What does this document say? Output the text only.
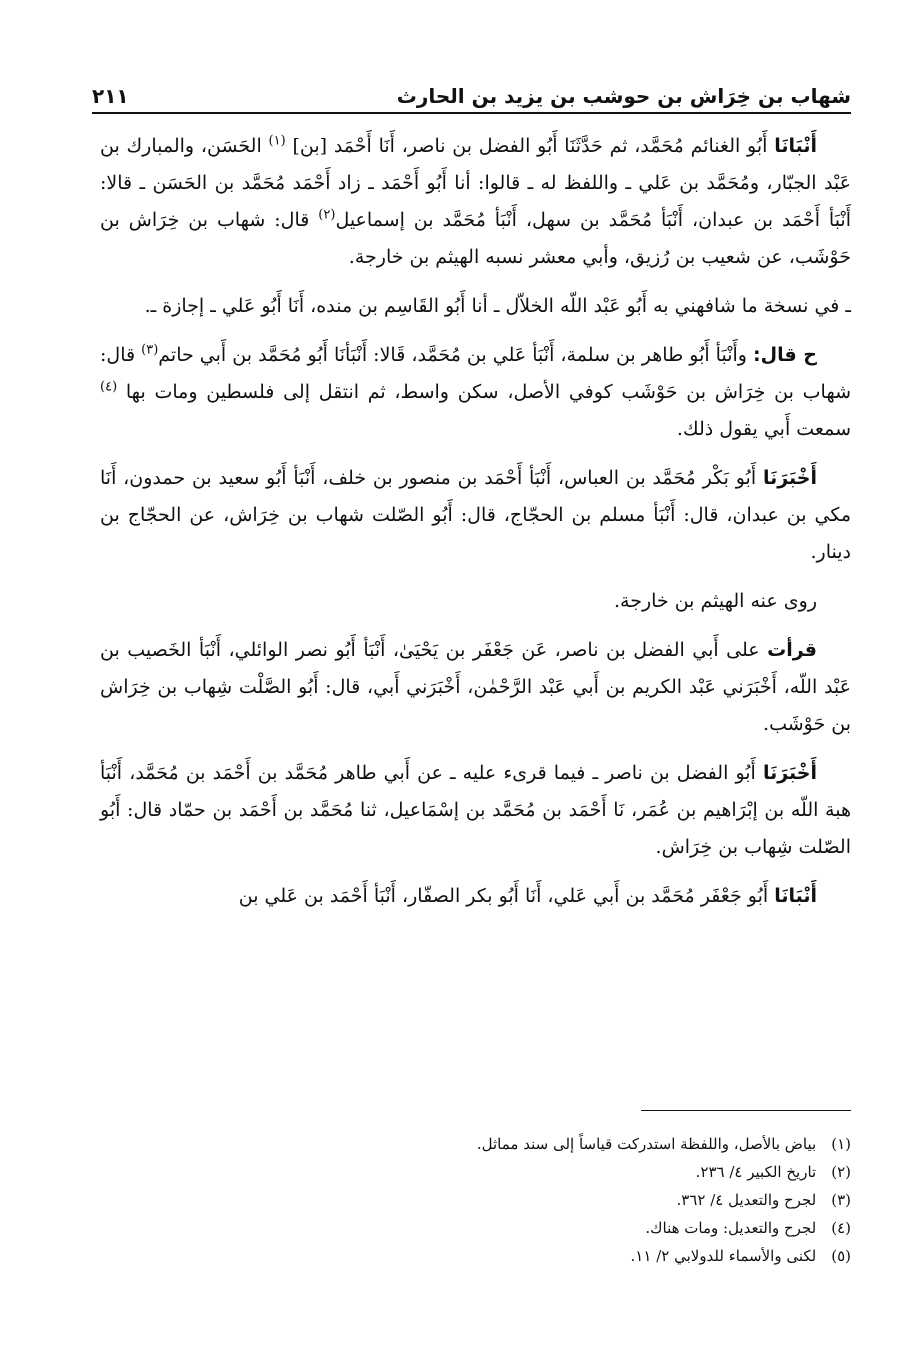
شهاب بن خِرَاش بن حوشب بن يزيد بن الحارث
٢١١

أَنْبَانَا أَبُو الغنائم مُحَمَّد، ثم حَدَّثَنَا أَبُو الفضل بن ناصر، أَنَا أَحْمَد [بن] $^{(١)}$ الحَسَن، والمبارك بن عَبْد الجبّار، ومُحَمَّد بن عَلي ـ واللفظ له ـ قالوا: أنا أَبُو أَحْمَد ـ زاد أَحْمَد مُحَمَّد بن الحَسَن ـ قالا: أَنْبَأ أَحْمَد بن عبدان، أَنْبَأ مُحَمَّد بن سهل، أَنْبَأ مُحَمَّد بن إسماعيل$^{(٢)}$ قال: شهاب بن خِرَاش بن حَوْشَب، عن شعيب بن رُزيق، وأبي معشر نسبه الهيثم بن خارجة.

ـ في نسخة ما شافهني به أَبُو عَبْد اللّه الخلاّل ـ أنا أَبُو القَاسِم بن منده، أَنَا أَبُو عَلي ـ إجازة ـ.

ح قال: وأَنْبَأ أَبُو طاهر بن سلمة، أَنْبَأ عَلي بن مُحَمَّد، قَالا: أَنْبَأنَا أَبُو مُحَمَّد بن أَبي حاتم$^{(٣)}$ قال: شهاب بن خِرَاش بن حَوْشَب كوفي الأصل، سكن واسط، ثم انتقل إلى فلسطين ومات بها $^{(٤)}$ سمعت أَبي يقول ذلك.

أَخْبَرَنَا أَبُو بَكْر مُحَمَّد بن العباس، أَنْبَأ أَحْمَد بن منصور بن خلف، أَنْبَأ أَبُو سعيد بن حمدون، أَنَا مكي بن عبدان، قال: أَنْبَأ مسلم بن الحجّاج، قال: أَبُو الصّلت شهاب بن خِرَاش، عن الحجّاج بن دينار.

روى عنه الهيثم بن خارجة.

قرأت على أَبي الفضل بن ناصر، عَن جَعْفَر بن يَحْيَىٰ، أَنْبَأ أَبُو نصر الوائلي، أَنْبَأ الخَصيب بن عَبْد اللّه، أَخْبَرَني عَبْد الكريم بن أَبي عَبْد الرَّحْمٰن، أَخْبَرَني أَبي، قال: أَبُو الصَّلْت شِهاب بن خِرَاش بن حَوْشَب.

أَخْبَرَنَا أَبُو الفضل بن ناصر ـ فيما قرىء عليه ـ عن أَبي طاهر مُحَمَّد بن أَحْمَد بن مُحَمَّد، أَنْبَأ هبة اللّه بن إبْرَاهيم بن عُمَر، نَا أَحْمَد بن مُحَمَّد بن إسْمَاعيل، ثنا مُحَمَّد بن أَحْمَد بن حمّاد قال: أَبُو الصّلت شِهاب بن خِرَاش.

أَنْبَانَا أَبُو جَعْفَر مُحَمَّد بن أَبي عَلي، أَنَا أَبُو بكر الصفّار، أَنْبَأ أَحْمَد بن عَلي بن

(١) بياض بالأصل، واللفظة استدركت قياساً إلى سند مماثل.

(٢) تاريخ الكبير ٤/ ٢٣٦.

(٣) لجرح والتعديل ٤/ ٣٦٢.

(٤) لجرح والتعديل: ومات هناك.

(٥) لكنى والأسماء للدولابي ٢/ ١١.
